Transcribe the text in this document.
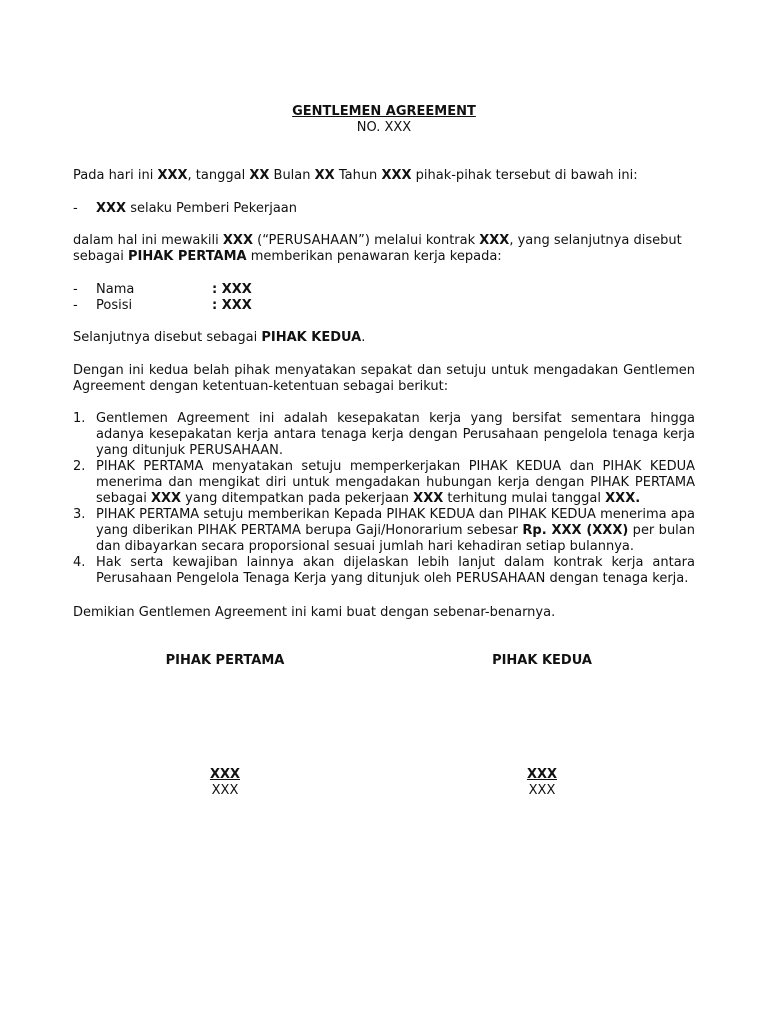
GENTLEMEN AGREEMENT
NO. XXX
Pada hari ini XXX, tanggal XX Bulan XX Tahun XXX pihak-pihak tersebut di bawah ini:
- XXX selaku Pemberi Pekerjaan
dalam hal ini mewakili XXX (“PERUSAHAAN”) melalui kontrak XXX, yang selanjutnya disebut
sebagai PIHAK PERTAMA memberikan penawaran kerja kepada:
- Nama	: XXX
- Posisi	: XXX
Selanjutnya disebut sebagai PIHAK KEDUA.
Dengan ini kedua belah pihak menyatakan sepakat dan setuju untuk mengadakan Gentlemen Agreement dengan ketentuan-ketentuan sebagai berikut:
1. Gentlemen Agreement ini adalah kesepakatan kerja yang bersifat sementara hingga adanya kesepakatan kerja antara tenaga kerja dengan Perusahaan pengelola tenaga kerja yang ditunjuk PERUSAHAAN.
2. PIHAK PERTAMA menyatakan setuju memperkerjakan PIHAK KEDUA dan PIHAK KEDUA menerima dan mengikat diri untuk mengadakan hubungan kerja dengan PIHAK PERTAMA sebagai XXX yang ditempatkan pada pekerjaan XXX terhitung mulai tanggal XXX.
3. PIHAK PERTAMA setuju memberikan Kepada PIHAK KEDUA dan PIHAK KEDUA menerima apa yang diberikan PIHAK PERTAMA berupa Gaji/Honorarium sebesar Rp. XXX (XXX) per bulan dan dibayarkan secara proporsional sesuai jumlah hari kehadiran setiap bulannya.
4. Hak serta kewajiban lainnya akan dijelaskan lebih lanjut dalam kontrak kerja antara Perusahaan Pengelola Tenaga Kerja yang ditunjuk oleh PERUSAHAAN dengan tenaga kerja.
Demikian Gentlemen Agreement ini kami buat dengan sebenar-benarnya.
PIHAK PERTAMA	PIHAK KEDUA
XXX	XXX
XXX	XXX
